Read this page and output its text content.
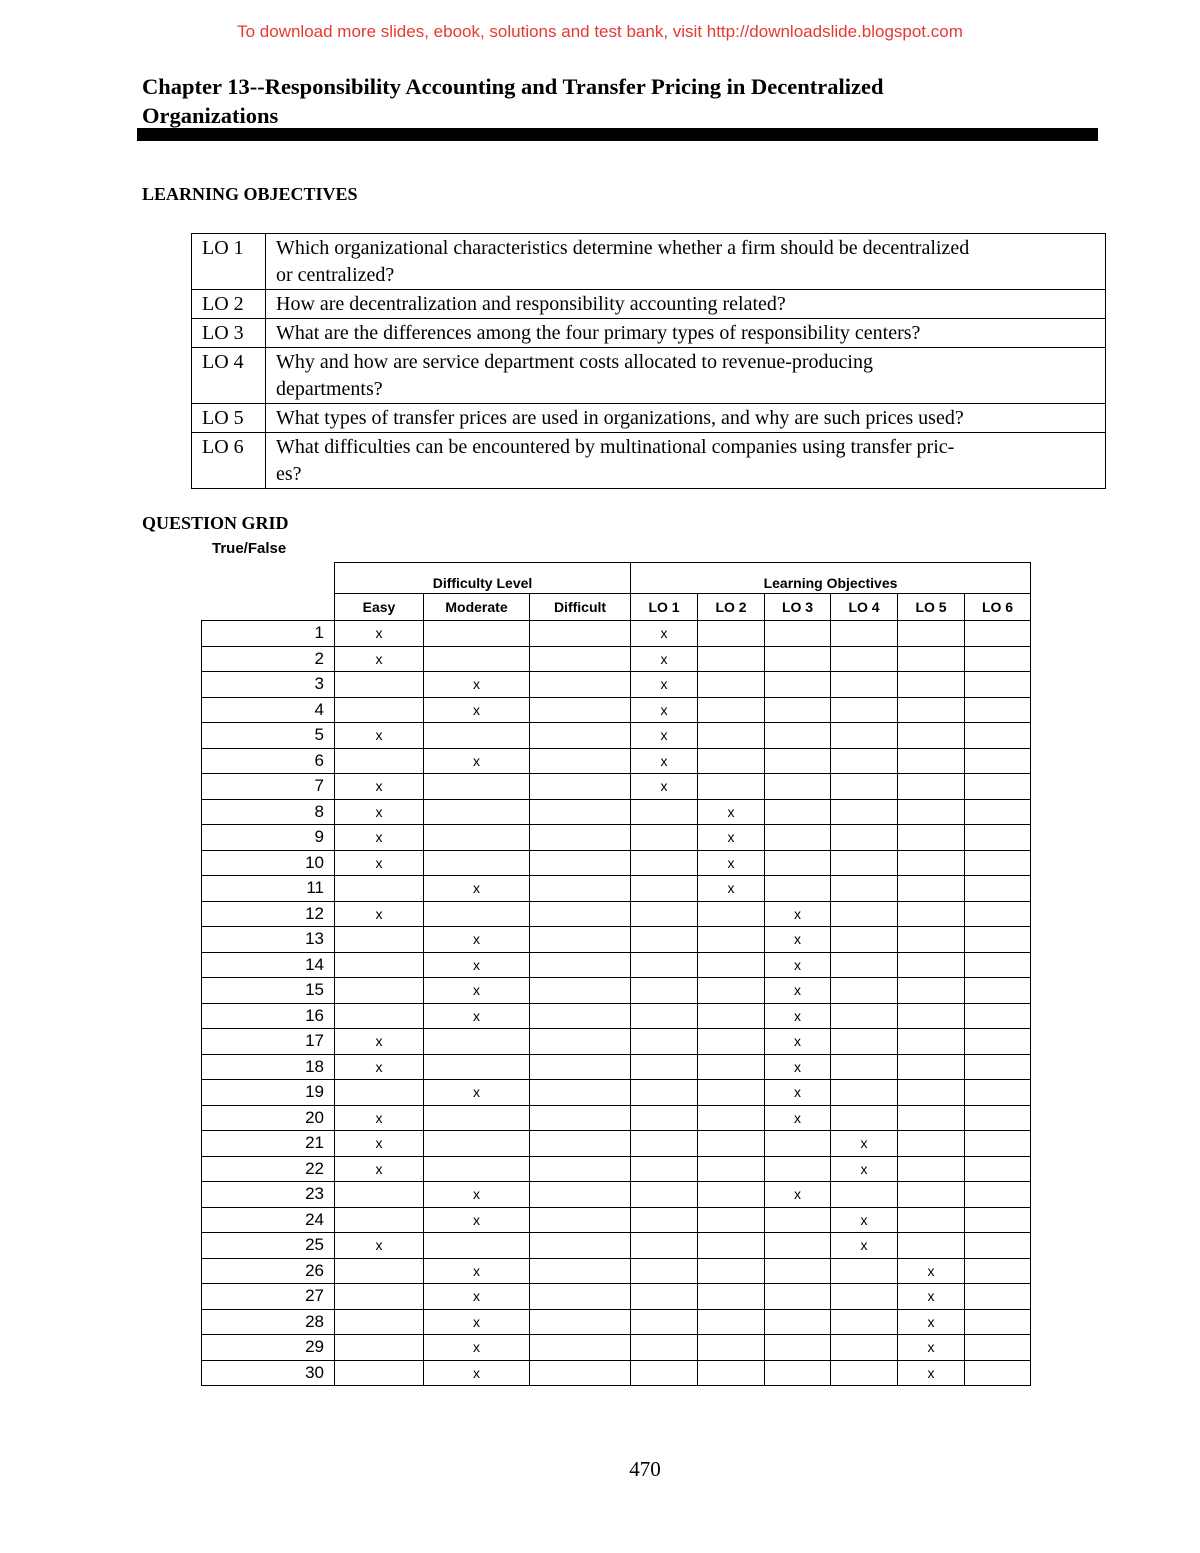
To download more slides, ebook, solutions and test bank, visit http://downloadslide.blogspot.com
Chapter 13--Responsibility Accounting and Transfer Pricing in Decentralized
Organizations
LEARNING OBJECTIVES
LO 1	Which organizational characteristics determine whether a firm should be decentralized
or centralized?

LO 2	How are decentralization and responsibility accounting related?

LO 3	What are the differences among the four primary types of responsibility centers?

LO 4	Why and how are service department costs allocated to revenue-producing
departments?

LO 5	What types of transfer prices are used in organizations, and why are such prices used?

LO 6	What difficulties can be encountered by multinational companies using transfer pric-
es?
QUESTION GRID
True/False
	Difficulty Level			Learning Objectives					
	Easy	Moderate	Difficult	LO 1	LO 2	LO 3	LO 4	LO 5	LO 6
1	x			x					
2	x			x					
3		x		x					
4		x		x					
5	x			x					
6		x		x					
7	x			x					
8	x				x				
9	x				x				
10	x				x				
11		x			x				
12	x					x			
13		x				x			
14		x				x			
15		x				x			
16		x				x			
17	x					x			
18	x					x			
19		x				x			
20	x					x			
21	x						x		
22	x						x		
23		x				x			
24		x					x		
25	x						x		
26		x						x	
27		x						x	
28		x						x	
29		x						x	
30		x						x	
470
